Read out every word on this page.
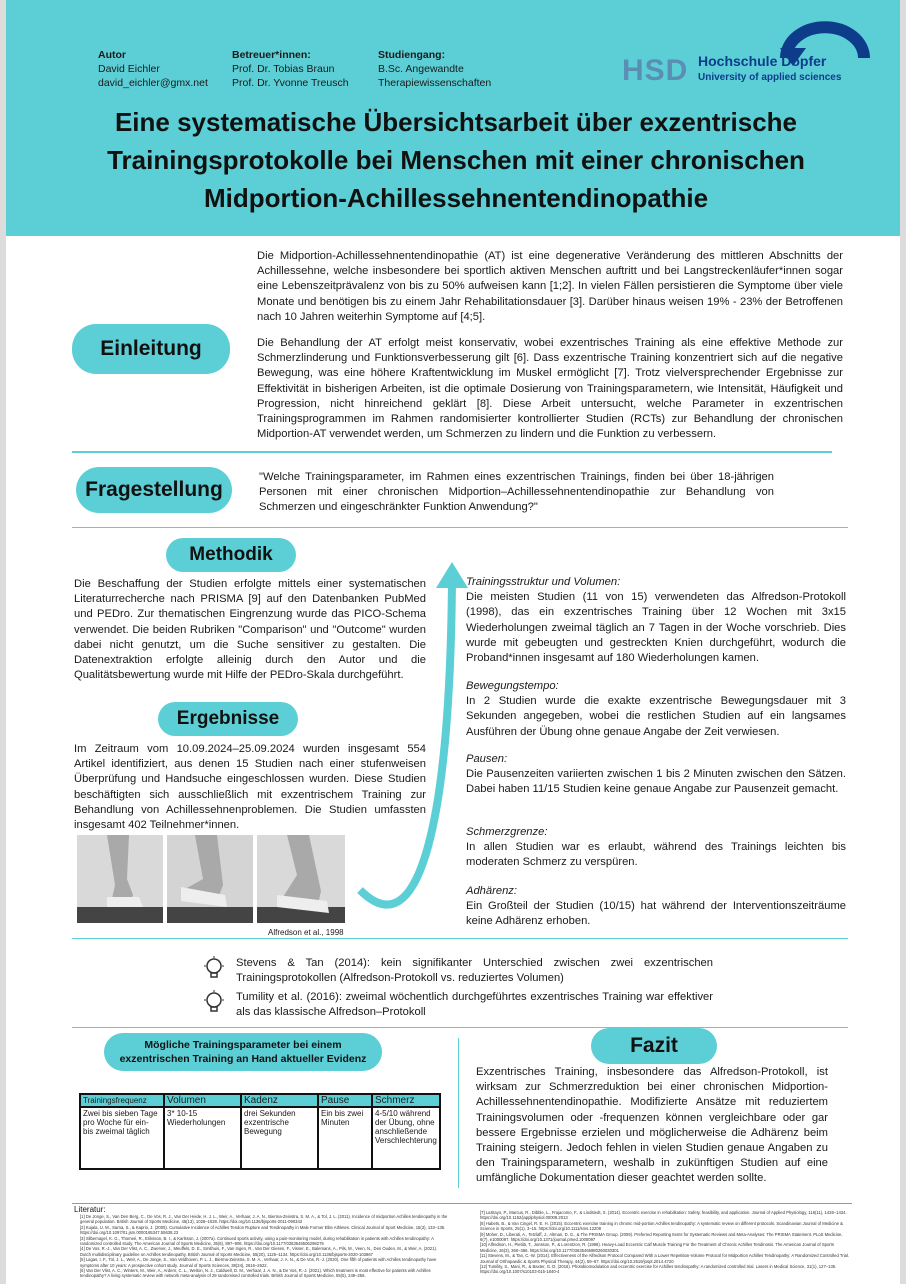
Autor
David Eichler
david_eichler@gmx.net
Betreuer*innen:
Prof. Dr. Tobias Braun
Prof. Dr. Yvonne Treusch
Studiengang:
B.Sc. Angewandte
Therapiewissenschaften	HSD Hochschule Döpfer
University of applied sciences
Eine systematische Übersichtsarbeit über exzentrische
Trainingsprotokolle bei Menschen mit einer chronischen
Midportion-Achillessehnentendinopathie
Einleitung
Die Midportion-Achillessehnentendinopathie (AT) ist eine degenerative Veränderung des mittleren Abschnitts der Achillessehne, welche insbesondere bei sportlich aktiven Menschen auftritt und bei Langstreckenläufer*innen sogar eine Lebenszeitprävalenz von bis zu 50% aufweisen kann [1;2]. In vielen Fällen persistieren die Symptome über viele Monate und benötigen bis zu einem Jahr Rehabilitationsdauer [3]. Darüber hinaus weisen 19% - 23% der Betroffenen nach 10 Jahren weiterhin Symptome auf [4;5].
Die Behandlung der AT erfolgt meist konservativ, wobei exzentrisches Training als eine effektive Methode zur Schmerzlinderung und Funktionsverbesserung gilt [6]. Dass exzentrische Training konzentriert sich auf die negative Bewegung, was eine höhere Kraftentwicklung im Muskel ermöglicht [7]. Trotz vielversprechender Ergebnisse zur Effektivität in bisherigen Arbeiten, ist die optimale Dosierung von Trainingsparametern, wie Intensität, Häufigkeit und Progression, nicht hinreichend geklärt [8]. Diese Arbeit untersucht, welche Parameter in exzentrischen Trainingsprogrammen im Rahmen randomisierter kontrollierter Studien (RCTs) zur Behandlung der chronischen Midportion-AT verwendet werden, um Schmerzen zu lindern und die Funktion zu verbessern.
Fragestellung
"Welche Trainingsparameter, im Rahmen eines exzentrischen Trainings, finden bei über 18-jährigen Personen mit einer chronischen Midportion–Achillessehnentendinopathie zur Behandlung von Schmerzen und eingeschränkter Funktion Anwendung?"
Methodik
Die Beschaffung der Studien erfolgte mittels einer systematischen Literaturrecherche nach PRISMA [9] auf den Datenbanken PubMed und PEDro. Zur thematischen Eingrenzung wurde das PICO-Schema verwendet. Die beiden Rubriken "Comparison" und "Outcome" wurden dabei nicht genutzt, um die Suche sensitiver zu gestalten. Die Datenextraktion erfolgte alleinig durch den Autor und die Qualitätsbewertung wurde mit Hilfe der PEDro-Skala durchgeführt.
Ergebnisse
Im Zeitraum vom 10.09.2024–25.09.2024 wurden insgesamt 554 Artikel identifiziert, aus denen 15 Studien nach einer stufenweisen Überprüfung und Handsuche eingeschlossen wurden. Diese Studien beschäftigten sich ausschließlich mit exzentrischem Training zur Behandlung von Achillessehnenproblemen. Die Studien umfassten insgesamt 402 Teilnehmer*innen.
Alfredson et al., 1998
Trainingsstruktur und Volumen:
Die meisten Studien (11 von 15) verwendeten das Alfredson-Protokoll (1998), das ein exzentrisches Training über 12 Wochen mit 3x15 Wiederholungen zweimal täglich an 7 Tagen in der Woche vorschrieb. Dies wurde mit gebeugten und gestreckten Knien durchgeführt, wodurch die Proband*innen insgesamt auf 180 Wiederholungen kamen.
Bewegungstempo:
In 2 Studien wurde die exakte exzentrische Bewegungsdauer mit 3 Sekunden angegeben, wobei die restlichen Studien auf ein langsames Ausführen der Übung ohne genaue Angabe der Zeit verwiesen.
Pausen:
Die Pausenzeiten variierten zwischen 1 bis 2 Minuten zwischen den Sätzen. Dabei haben 11/15 Studien keine genaue Angabe zur Pausenzeit gemacht.
Schmerzgrenze:
In allen Studien war es erlaubt, während des Trainings leichten bis moderaten Schmerz zu verspüren.
Adhärenz:
Ein Großteil der Studien (10/15) hat während der Interventionszeiträume keine Adhärenz erhoben.
Stevens & Tan (2014): kein signifikanter Unterschied zwischen zwei exzentrischen Trainingsprotokollen (Alfredson-Protokoll vs. reduziertes Volumen)
Tumility et al. (2016): zweimal wöchentlich durchgeführtes exzentrisches Training war effektiver als das klassische Alfredson–Protokoll
Mögliche Trainingsparameter bei einem
exzentrischen Training an Hand aktueller Evidenz
Trainingsfrequenz	Volumen	Kadenz	Pause	Schmerz
Zwei bis sieben Tage pro Woche für ein- bis zweimal täglich	3* 10-15 Wiederholungen	drei Sekunden exzentrische Bewegung	Ein bis zwei Minuten	4-5/10 während der Übung, ohne anschließende Verschlechterung
Fazit
Exzentrisches Training, insbesondere das Alfredson-Protokoll, ist wirksam zur Schmerzreduktion bei einer chronischen Midportion-Achillessehnentendinopathie. Modifizierte Ansätze mit reduziertem Trainingsvolumen oder -frequenzen können vergleichbare oder gar bessere Ergebnisse erzielen und möglicherweise die Adhärenz beim Training steigern. Jedoch fehlen in vielen Studien genaue Angaben zu den Trainingsparametern, weshalb in zukünftigen Studien auf eine umfängliche Dokumentation dieser geachtet werden sollte.
Literatur:
[1] De Jonge, S., Van Den Berg, C., De Vos, R. J., Van Der Heide, H. J. L., Weir, A., Verhaar, J. A. N., Bierma-Zeinstra, S. M. A., & Tol, J. L. (2011). Incidence of midportion Achilles tendinopathy in the general population. British Journal of Sports Medicine, 45(13), 1026–1028. https://doi.org/10.1136/bjsports-2011-090342
[2] Kujala, U. M., Sarna, S., & Kaprio, J. (2005). Cumulative Incidence of Achilles Tendon Rupture and Tendinopathy in Male Former Elite Athletes. Clinical Journal of Sport Medicine, 15(3), 133–135. https://doi.org/10.1097/01.jsm.0000165347.55638.23
[3] Silbernagel, K. G., Thomeé, R., Eriksson, B. I., & Karlsson, J. (2007a). Continued sports activity, using a pain-monitoring model, during rehabilitation in patients with Achilles tendinopathy: A randomized controlled study. The American Journal of Sports Medicine, 35(6), 897–906. https://doi.org/10.1177/0363546506298279
[4] De Vos, R.-J., Van Der Vlist, A. C., Zwerver, J., Meuffels, D. E., Smithuis, F., Van Ingen, R., Van Der Giesen, F., Visser, E., Balemans, A., Pils, M., Veen, N., Den Ouden, M., & Weir, A. (2021). Dutch multidisciplinary guideline on Achilles tendinopathy. British Journal of Sports Medicine, 55(20), 1125–1134. https://doi.org/10.1136/bjsports-2020-103867
[5] Lagas, I. F., Tol, J. L., Weir, A., De Jonge, S., Van Veldhoven, P. L. J., Bierma-Zeinstra, S. M. A., Verhaar, J. A. N., & De Vos, R.-J. (2020). One fifth of patients with Achilles tendinopathy have symptoms after 10 years: A prospective cohort study. Journal of Sports Sciences, 38(24), 2616–2622.
[6] Van Der Vlist, A. C., Winters, M., Weir, A., Ardern, C. L., Welton, N. J., Caldwell, D. M., Verhaar, J. A. N., & De Vos, R.-J. (2021). Which treatment is most effective for patients with Achilles tendinopathy? A living systematic review with network meta-analysis of 29 randomised controlled trials. British Journal of Sports Medicine, 55(5), 249–256.
[7] LaStayo, P., Marcus, R., Dibble, L., Frajacomo, F., & Lindstedt, S. (2014). Eccentric exercise in rehabilitation: Safety, feasibility, and application. Journal of Applied Physiology, 116(11), 1426–1434. https://doi.org/10.1152/japplphysiol.00008.2013
[8] Habets, B., & Van Cingel, R. E. H. (2015). Eccentric exercise training in chronic mid-portion Achilles tendinopathy: A systematic review on different protocols. Scandinavian Journal of Medicine & Science in Sports, 25(1), 3–15. https://doi.org/10.1111/sms.12208
[9] Moher, D., Liberati, A., Tetzlaff, J., Altman, D. G., & The PRISMA Group. (2009). Preferred Reporting Items for Systematic Reviews and Meta-Analyses: The PRISMA Statement. PLoS Medicine, 6(7), e1000097. https://doi.org/10.1371/journal.pmed.1000097
[10] Alfredson, H., Pietilä, T., Jonsson, P., & Lorentzon, R. (1998). Heavy-Load Eccentric Calf Muscle Training For the Treatment of Chronic Achilles Tendinosis. The American Journal of Sports Medicine, 26(3), 360–366. https://doi.org/10.1177/03635465980260030301
[11] Stevens, M., & Tan, C.-W. (2014). Effectiveness of the Alfredson Protocol Compared With a Lower Repetition-Volume Protocol for Midportion Achilles Tendinopathy: A Randomized Controlled Trial. Journal of Orthopaedic & Sports Physical Therapy, 44(2), 59–67. https://doi.org/10.2519/jospt.2014.4720
[12] Tumility, S., Mani, R., & Baxter, G. D. (2016). Photobiomodulation and eccentric exercise for Achilles tendinopathy: A randomized controlled trial. Lasers in Medical Science, 31(1), 127–135. https://doi.org/10.1007/s10103-015-1840-4
